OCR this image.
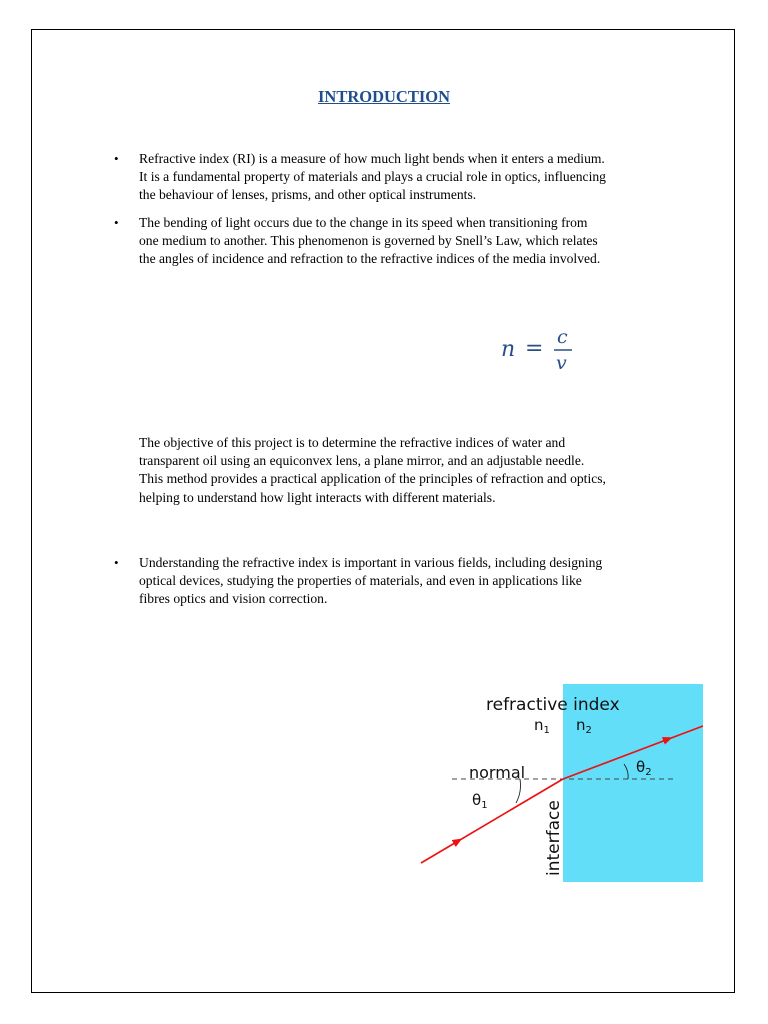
INTRODUCTION
• Refractive index (RI) is a measure of how much light bends when it enters a medium.
It is a fundamental property of materials and plays a crucial role in optics, influencing
the behaviour of lenses, prisms, and other optical instruments.
• The bending of light occurs due to the change in its speed when transitioning from
one medium to another. This phenomenon is governed by Snell’s Law, which relates
the angles of incidence and refraction to the refractive indices of the media involved.
n = c
v
The objective of this project is to determine the refractive indices of water and
transparent oil using an equiconvex lens, a plane mirror, and an adjustable needle.
This method provides a practical application of the principles of refraction and optics,
helping to understand how light interacts with different materials.
• Understanding the refractive index is important in various fields, including designing
optical devices, studying the properties of materials, and even in applications like
fibres optics and vision correction.
refractive index
$n_1$ $n_2$
normal
$\theta_1$
$\theta_2$
interface
